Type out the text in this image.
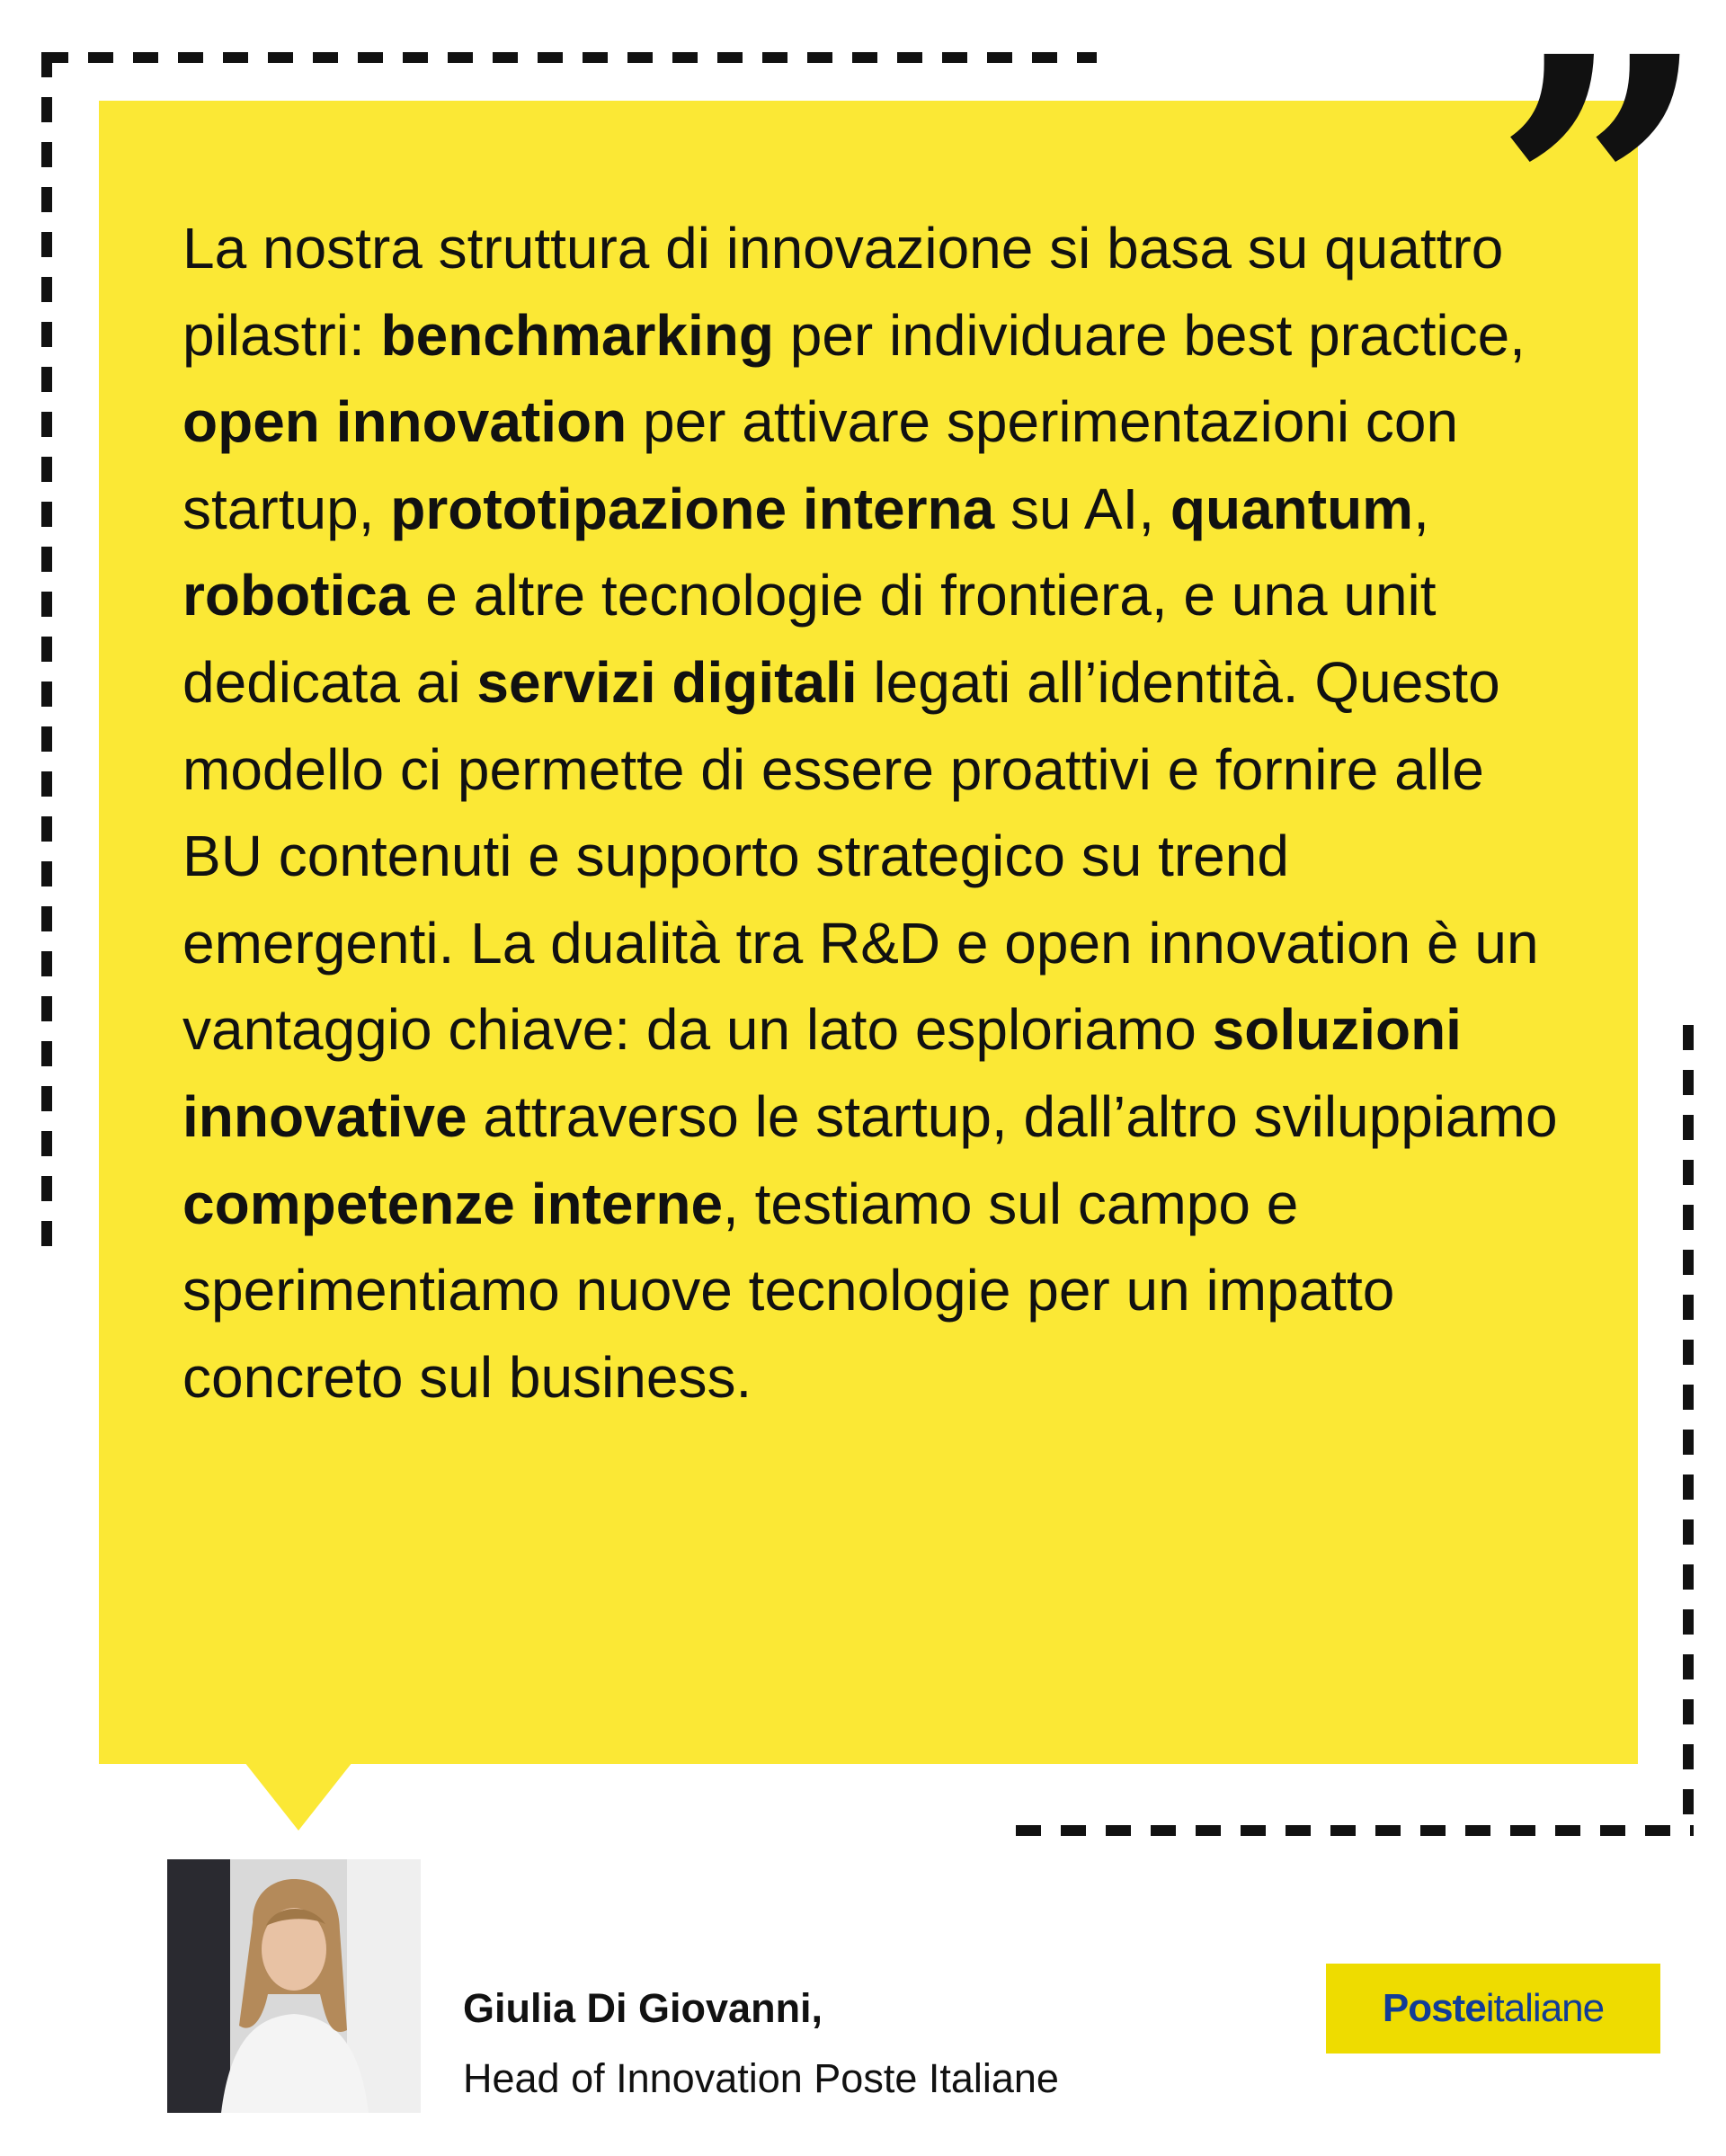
”
La nostra struttura di innovazione si basa su quattro pilastri: benchmarking per individuare best practice, open innovation per attivare sperimentazioni con startup, prototipazione interna su AI, quantum, robotica e altre tecnologie di frontiera, e una unit dedicata ai servizi digitali legati all’identità. Questo modello ci permette di essere proattivi e fornire alle BU contenuti e supporto strategico su trend emergenti. La dualità tra R&D e open innovation è un vantaggio chiave: da un lato esploriamo soluzioni innovative attraverso le startup, dall’altro sviluppiamo competenze interne, testiamo sul campo e sperimentiamo nuove tecnologie per un impatto concreto sul business.
Giulia Di Giovanni,
Head of Innovation Poste Italiane
Poste italiane
